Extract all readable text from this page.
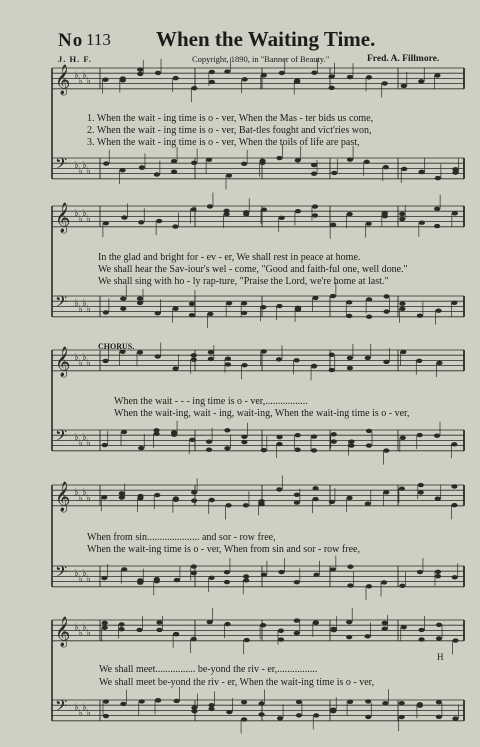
𝄞 ♭
♭
♭
♭
𝄢 ♭
♭
♭
♭
𝄞 ♭
♭
♭
♭
𝄢 ♭
♭
♭
♭
𝄞 ♭
♭
♭
♭
𝄢 ♭
♭
♭
♭
𝄞 ♭
♭
♭
♭
𝄢 ♭
♭
♭
♭
𝄞 ♭
♭
♭
♭
𝄢 ♭
♭
♭
♭
No 113 When the Waiting Time.
J. H. F.	Copyright, 1890, in "Banner of Beauty."	Fred. A. Fillmore.
1. When the wait - ing time is o - ver, When the Mas - ter bids us come,
2. When the wait - ing time is o - ver, Bat-tles fought and vict'ries won,
3. When the wait - ing time is o - ver, When the toils of life are past,
In the glad and bright for - ev - er, We shall rest in peace at home.
We shall hear the Sav-iour's wel - come, "Good and faith-ful one, well done."
We shall sing with ho - ly rap-ture, "Praise the Lord, we're home at last."
CHORUS.
When the wait - - - ing time is o - ver,.................
When the wait-ing, wait - ing, wait-ing, When the wait-ing time is o - ver,
When from sin..................... and sor - row free,
When the wait-ing time is o - ver, When from sin and sor - row free,
We shall meet................ be-yond the riv - er,................
We shall meet be-yond the riv - er, When the wait-ing time is o - ver,
H
